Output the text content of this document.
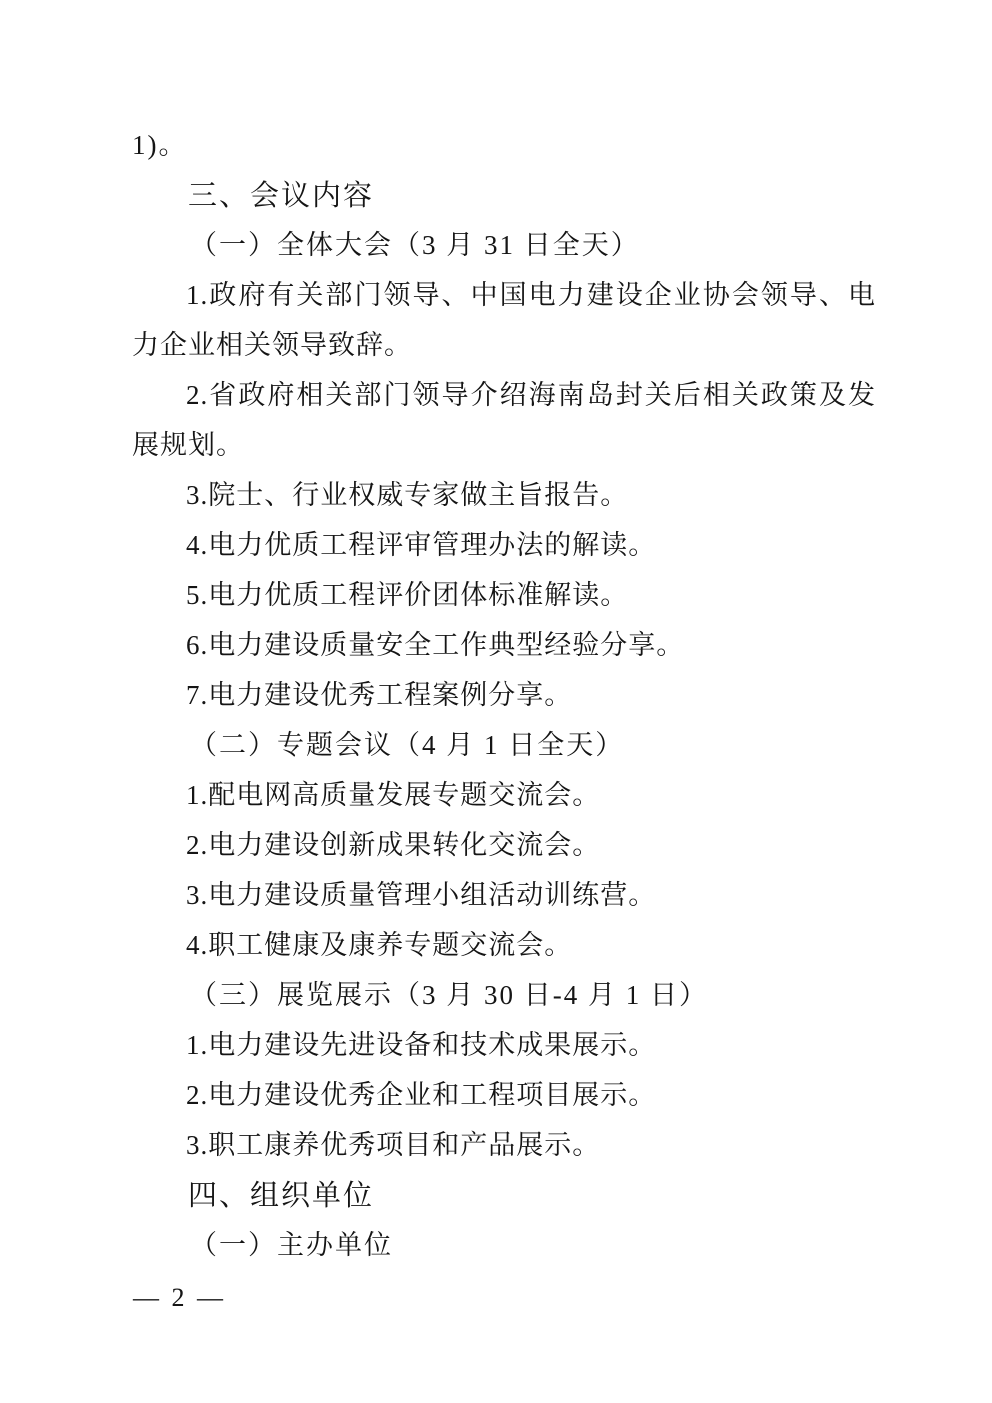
1)。

三、会议内容
（一）全体大会（3 月 31 日全天）

1.政府有关部门领导、中国电力建设企业协会领导、电力企业相关领导致辞。

2.省政府相关部门领导介绍海南岛封关后相关政策及发展规划。

3.院士、行业权威专家做主旨报告。

4.电力优质工程评审管理办法的解读。

5.电力优质工程评价团体标准解读。

6.电力建设质量安全工作典型经验分享。

7.电力建设优秀工程案例分享。

（二）专题会议（4 月 1 日全天）

1.配电网高质量发展专题交流会。

2.电力建设创新成果转化交流会。

3.电力建设质量管理小组活动训练营。

4.职工健康及康养专题交流会。

（三）展览展示（3 月 30 日-4 月 1 日）

1.电力建设先进设备和技术成果展示。

2.电力建设优秀企业和工程项目展示。

3.职工康养优秀项目和产品展示。

四、组织单位
（一）主办单位
— 2 —
